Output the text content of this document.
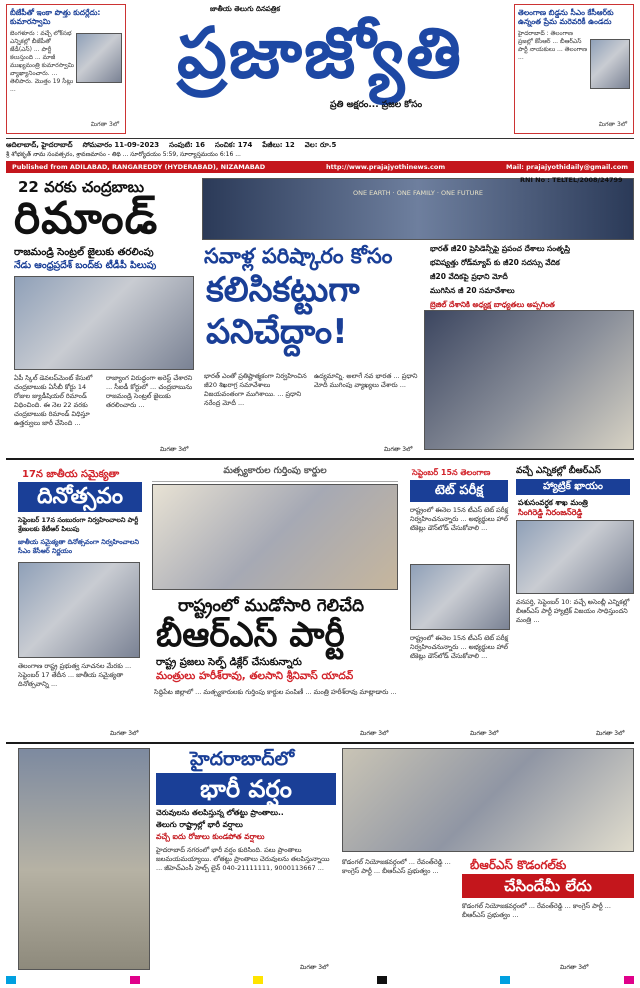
బీజేపీతో ఇంకా పొత్తు కుదర్లేదు: కుమారస్వామి
బెంగళూరు : వచ్చే లోక్‌సభ ఎన్నికల్లో బీజేపీతో జేడీ(ఎస్) ... పార్టీ కలుస్తుంది ... మాజీ ముఖ్యమంత్రి కుమారస్వామి వ్యాఖ్యానించారు. ... తెలిపారు. మొత్తం 19 సీట్లు ...
మిగతా 3లో
జాతీయ తెలుగు దినపత్రిక
ప్రజాజ్యోతి
ప్రతి అక్షరం... ప్రజల కోసం
తెలంగాణ బిడ్డను సీఎం కేసీఆర్‌కు ఉన్నంత ప్రేమ మరెవరికీ ఉండదు
హైదరాబాద్ : తెలంగాణ ప్రజల్లో కేసీఆర్ ... బీఆర్‌ఎస్ పార్టీ నాయకులు ... తెలంగాణ ...
మిగతా 3లో
ఆదిలాబాద్, హైదరాబాద్ సోమవారం 11-09-2023 సంపుటి: 16 సంచిక: 174 పేజీలు: 12 వెల: రూ.5
శ్రీ శోభకృత్ నామ సంవత్సరం, శ్రావణమాసం - తిథి ... సూర్యోదయం 5:59, సూర్యాస్తమయం 6:16 ...
Published from ADILABAD, RANGAREDDY (HYDERABAD), NIZAMABAD	http://www.prajajyothinews.com	Mail: prajajyothidaily@gmail.com
22 వరకు చంద్రబాబు
రిమాండ్
రాజమండ్రి సెంట్రల్ జైలుకు తరలింపు
నేడు ఆంధ్రప్రదేశ్ బంద్‌కు టీడీపీ పిలుపు
ఏపీ స్కిల్ డెవలప్‌మెంట్ కేసులో చంద్రబాబుకు ఏసీబీ కోర్టు 14 రోజుల జ్యుడీషియల్ రిమాండ్ విధించింది. ఈ నెల 22 వరకు చంద్రబాబుకు రిమాండ్ విధిస్తూ ఉత్తర్వులు జారీ చేసింది ...
రాజ్యాంగ విరుద్ధంగా అరెస్ట్ చేశారని ... సీఐడీ కోర్టులో ... చంద్రబాబును రాజమండ్రి సెంట్రల్ జైలుకు తరలించారు ...
మిగతా 3లో
ONE EARTH · ONE FAMILY · ONE FUTURE
సవాళ్ల పరిష్కారం కోసం
కలిసికట్టుగా
పనిచేద్దాం!
భారత్ జీ20 ప్రెసిడెన్సీపై ప్రపంచ దేశాలు సంతృప్తి
భవిష్యత్తు రోడ్‌మ్యాప్ కు జీ20 సదస్సు వేదిక
జీ20 వేదికపై ప్రధాని మోదీ
ముగిసిన జీ 20 సమావేశాలు
బ్రెజిల్ దేశానికి అధ్యక్ష బాధ్యతలు అప్పగింత
భారత్ ఎంతో ప్రతిష్టాత్మకంగా నిర్వహించిన జీ20 శిఖరాగ్ర సమావేశాలు విజయవంతంగా ముగిశాయి. ... ప్రధాని నరేంద్ర మోదీ ...
ఉద్యమాన్ని. అలాగే నవ భారత ... ప్రధాని మోదీ ముగింపు వ్యాఖ్యలు చేశారు ...
మిగతా 3లో
17న జాతీయ సమైక్యతా
దినోత్సవం
సెప్టెంబర్ 17న సంబురంగా నిర్వహించాలని పార్టీ శ్రేణులకు కేటీఆర్ పిలుపు
జాతీయ సమైక్యతా దినోత్సవంగా నిర్వహించాలని సీఎం కేసీఆర్ నిర్ణయం
తెలంగాణ రాష్ట్ర ప్రభుత్వ సూచనల మేరకు ... సెప్టెంబర్ 17 తేదీన ... జాతీయ సమైక్యతా దినోత్సవాన్ని ...
మిగతా 3లో
మత్స్యకారుల గుర్తింపు కార్డుల
రాష్ట్రంలో ముడోసారి గెలిచేది
బీఆర్ఎస్ పార్టీ
రాష్ట్ర ప్రజలు సెల్ఫ్ డిక్లేర్ చేసుకున్నారు
మంత్రులు హరీశ్‌రావు, తలసాని శ్రీనివాస్ యాదవ్
సిద్దిపేట జిల్లాలో ... మత్స్యకారులకు గుర్తింపు కార్డుల పంపిణీ ... మంత్రి హరీశ్‌రావు మాట్లాడారు ...
మిగతా 3లో
సెప్టెంబర్ 15న తెలంగాణ
టెట్ పరీక్ష
రాష్ట్రంలో ఈనెల 15న టీఎస్ టెట్ పరీక్ష నిర్వహించనున్నారు ... అభ్యర్థులు హాల్ టికెట్లు డౌన్‌లోడ్ చేసుకోవాలి ...
రాష్ట్రంలో ఈనెల 15న టీఎస్ టెట్ పరీక్ష నిర్వహించనున్నారు ... అభ్యర్థులు హాల్ టికెట్లు డౌన్‌లోడ్ చేసుకోవాలి ...
మిగతా 3లో
వచ్చే ఎన్నికల్లో బీఆర్ఎస్
హ్యాట్రిక్ ఖాయం
పశుసంవర్ధక శాఖ మంత్రి
సింగిరెడ్డి నిరంజన్‌రెడ్డి
వనపర్తి, సెప్టెంబర్ 10: వచ్చే అసెంబ్లీ ఎన్నికల్లో బీఆర్ఎస్ పార్టీ హ్యాట్రిక్ విజయం సాధిస్తుందని మంత్రి ...
మిగతా 3లో
హైదరాబాద్‌లో
భారీ వర్షం
చెరువులను తలపిస్తున్న లోతట్టు ప్రాంతాలు..
తెలుగు రాష్ట్రాల్లో భారీ వర్షాలు
వచ్చే ఐదు రోజులు కుండపోత వర్షాలు
హైదరాబాద్ నగరంలో భారీ వర్షం కురిసింది. పలు ప్రాంతాలు జలమయమయ్యాయి. లోతట్టు ప్రాంతాలు చెరువులను తలపిస్తున్నాయి ... జీహెచ్ఎంసీ హెల్ప్ లైన్ 040-21111111, 9000113667 ...
మిగతా 3లో
బీఆర్ఎస్ కొడంగల్‌కు
చేసిందేమీ లేదు
కొడంగల్ నియోజకవర్గంలో ... రేవంత్‌రెడ్డి ... కాంగ్రెస్ పార్టీ ... బీఆర్ఎస్ ప్రభుత్వం ...
కొడంగల్ నియోజకవర్గంలో ... రేవంత్‌రెడ్డి ... కాంగ్రెస్ పార్టీ ... బీఆర్ఎస్ ప్రభుత్వం ...
మిగతా 3లో
RNI No : TELTEL/2008/24799
